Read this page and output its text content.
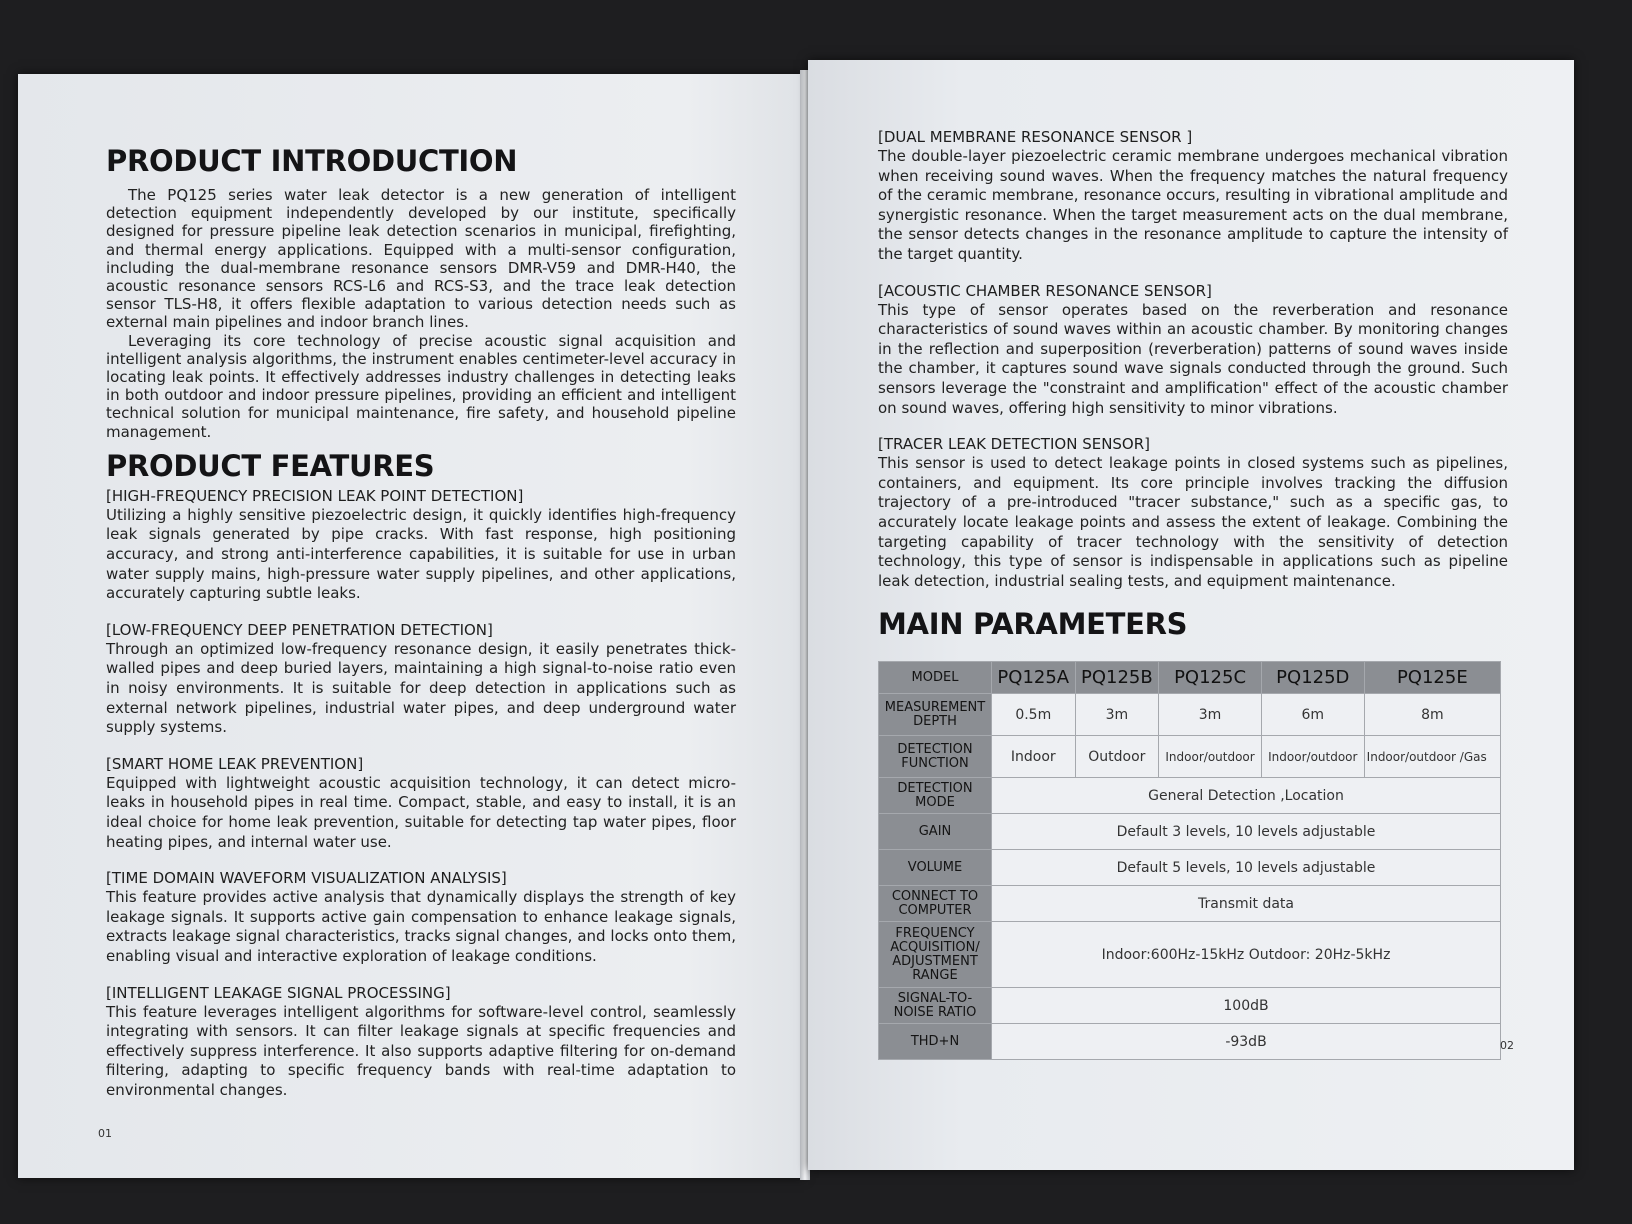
PRODUCT INTRODUCTION

The PQ125 series water leak detector is a new generation of intelligent detection equipment independently developed by our institute, specifically designed for pressure pipeline leak detection scenarios in municipal, firefighting, and thermal energy applications. Equipped with a multi-sensor configuration, including the dual-membrane resonance sensors DMR-V59 and DMR-H40, the acoustic resonance sensors RCS-L6 and RCS-S3, and the trace leak detection sensor TLS-H8, it offers flexible adaptation to various detection needs such as external main pipelines and indoor branch lines.

Leveraging its core technology of precise acoustic signal acquisition and intelligent analysis algorithms, the instrument enables centimeter-level accuracy in locating leak points. It effectively addresses industry challenges in detecting leaks in both outdoor and indoor pressure pipelines, providing an efficient and intelligent technical solution for municipal maintenance, fire safety, and household pipeline management.

PRODUCT FEATURES

[HIGH-FREQUENCY PRECISION LEAK POINT DETECTION]

Utilizing a highly sensitive piezoelectric design, it quickly identifies high-frequency leak signals generated by pipe cracks. With fast response, high positioning accuracy, and strong anti-interference capabilities, it is suitable for use in urban water supply mains, high-pressure water supply pipelines, and other applications, accurately capturing subtle leaks.

[LOW-FREQUENCY DEEP PENETRATION DETECTION]

Through an optimized low-frequency resonance design, it easily penetrates thick-walled pipes and deep buried layers, maintaining a high signal-to-noise ratio even in noisy environments. It is suitable for deep detection in applications such as external network pipelines, industrial water pipes, and deep underground water supply systems.

[SMART HOME LEAK PREVENTION]

Equipped with lightweight acoustic acquisition technology, it can detect micro-leaks in household pipes in real time. Compact, stable, and easy to install, it is an ideal choice for home leak prevention, suitable for detecting tap water pipes, floor heating pipes, and internal water use.

[TIME DOMAIN WAVEFORM VISUALIZATION ANALYSIS]

This feature provides active analysis that dynamically displays the strength of key leakage signals. It supports active gain compensation to enhance leakage signals, extracts leakage signal characteristics, tracks signal changes, and locks onto them, enabling visual and interactive exploration of leakage conditions.

[INTELLIGENT LEAKAGE SIGNAL PROCESSING]

This feature leverages intelligent algorithms for software-level control, seamlessly integrating with sensors. It can filter leakage signals at specific frequencies and effectively suppress interference. It also supports adaptive filtering for on-demand filtering, adapting to specific frequency bands with real-time adaptation to environmental changes.

01

[DUAL MEMBRANE RESONANCE SENSOR ]

The double-layer piezoelectric ceramic membrane undergoes mechanical vibration when receiving sound waves. When the frequency matches the natural frequency of the ceramic membrane, resonance occurs, resulting in vibrational amplitude and synergistic resonance. When the target measurement acts on the dual membrane, the sensor detects changes in the resonance amplitude to capture the intensity of the target quantity.

[ACOUSTIC CHAMBER RESONANCE SENSOR]

This type of sensor operates based on the reverberation and resonance characteristics of sound waves within an acoustic chamber. By monitoring changes in the reflection and superposition (reverberation) patterns of sound waves inside the chamber, it captures sound wave signals conducted through the ground. Such sensors leverage the "constraint and amplification" effect of the acoustic chamber on sound waves, offering high sensitivity to minor vibrations.

[TRACER LEAK DETECTION SENSOR]

This sensor is used to detect leakage points in closed systems such as pipelines, containers, and equipment. Its core principle involves tracking the diffusion trajectory of a pre-introduced "tracer substance," such as a specific gas, to accurately locate leakage points and assess the extent of leakage. Combining the targeting capability of tracer technology with the sensitivity of detection technology, this type of sensor is indispensable in applications such as pipeline leak detection, industrial sealing tests, and equipment maintenance.

MAIN PARAMETERS
MODEL	PQ125A	PQ125B	PQ125C	PQ125D	PQ125E
MEASUREMENT DEPTH	0.5m	3m	3m	6m	8m
DETECTION FUNCTION	Indoor	Outdoor	Indoor/outdoor	Indoor/outdoor	Indoor/outdoor /Gas
DETECTION MODE	General Detection ,Location				
GAIN	Default 3 levels, 10 levels adjustable				
VOLUME	Default 5 levels, 10 levels adjustable				
CONNECT TO COMPUTER	Transmit data				
FREQUENCY ACQUISITION/ ADJUSTMENT RANGE	Indoor:600Hz-15kHz Outdoor: 20Hz-5kHz				
SIGNAL-TO-NOISE RATIO	100dB				
THD+N	-93dB					02
